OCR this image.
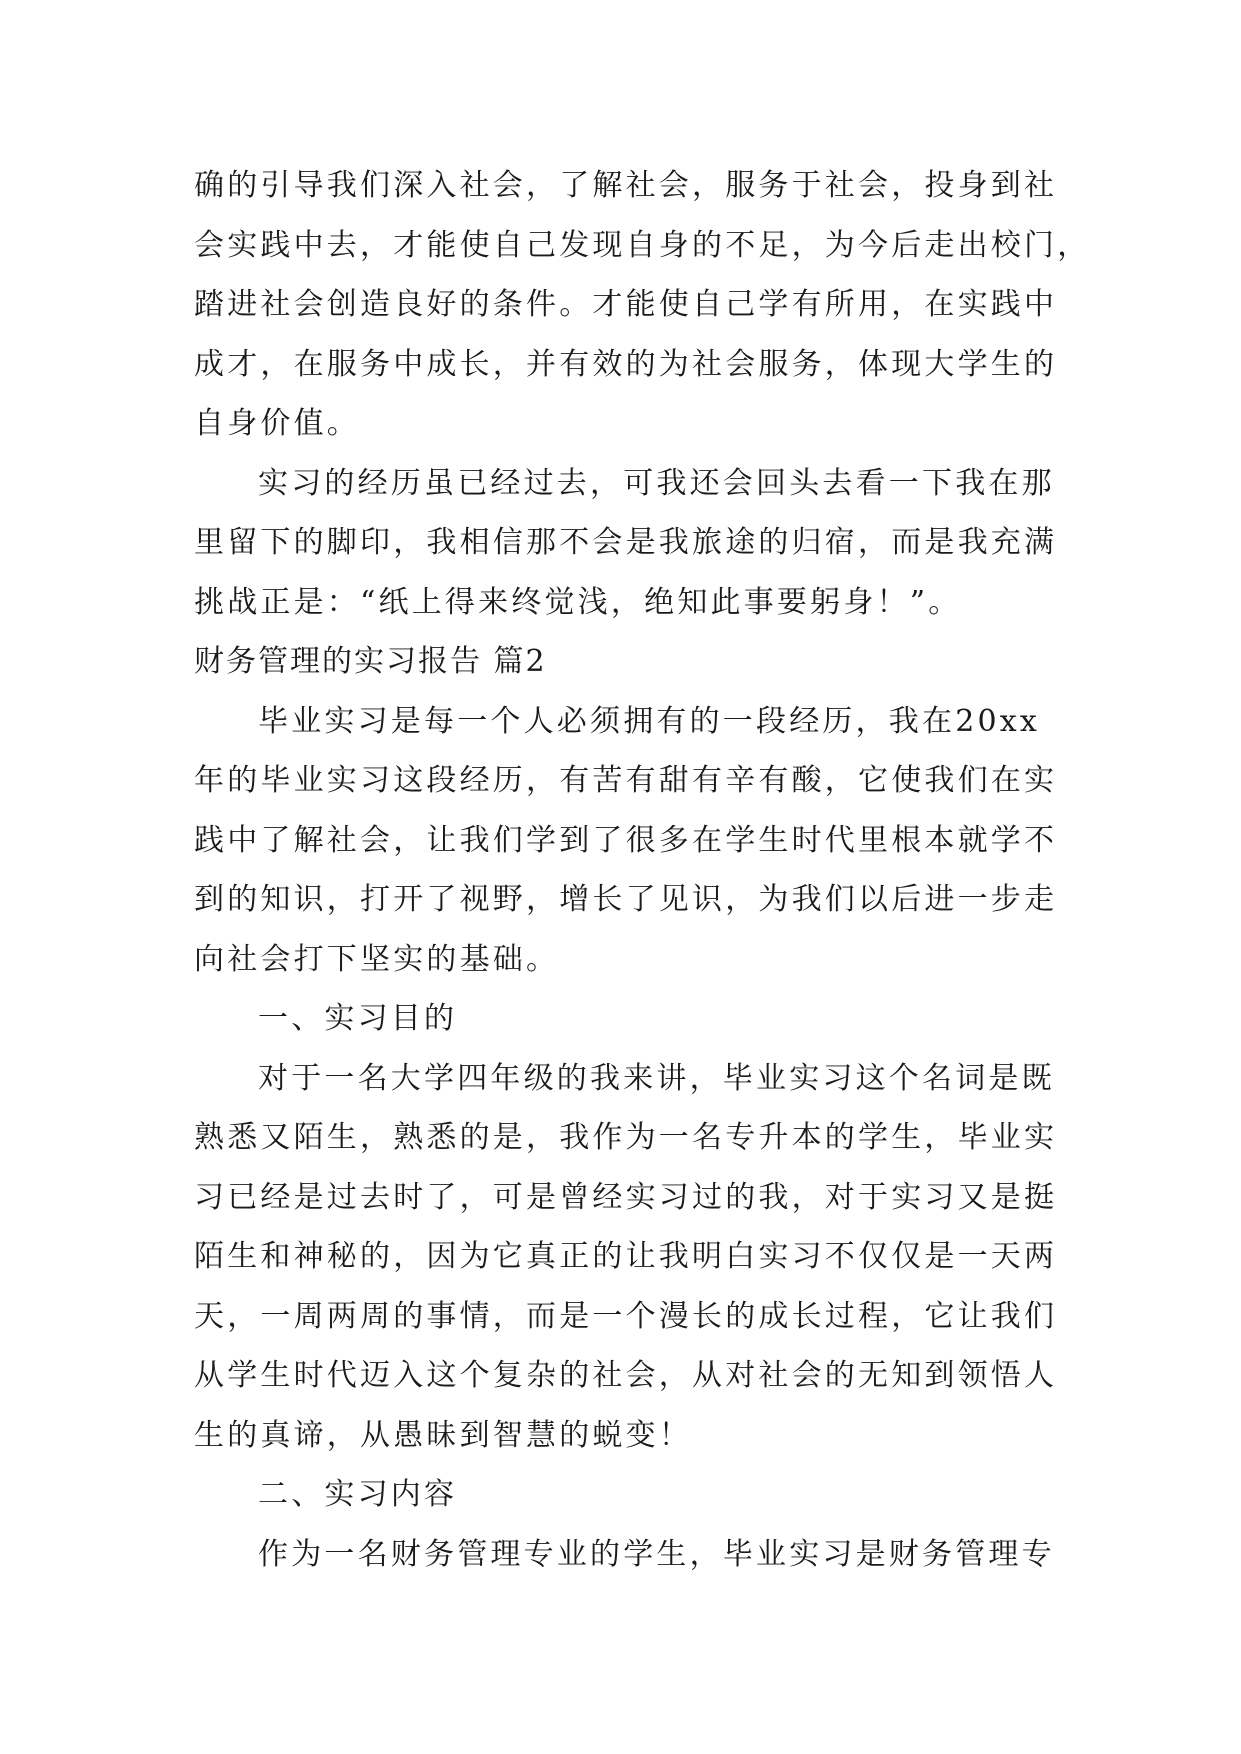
确的引导我们深入社会，了解社会，服务于社会，投身到社
会实践中去，才能使自己发现自身的不足，为今后走出校门，
踏进社会创造良好的条件。才能使自己学有所用，在实践中
成才，在服务中成长，并有效的为社会服务，体现大学生的
自身价值。
实习的经历虽已经过去，可我还会回头去看一下我在那
里留下的脚印，我相信那不会是我旅途的归宿，而是我充满
挑战正是：“纸上得来终觉浅，绝知此事要躬身！”。
财务管理的实习报告 篇2
毕业实习是每一个人必须拥有的一段经历，我在20xx
年的毕业实习这段经历，有苦有甜有辛有酸，它使我们在实
践中了解社会，让我们学到了很多在学生时代里根本就学不
到的知识，打开了视野，增长了见识，为我们以后进一步走
向社会打下坚实的基础。
一、实习目的
对于一名大学四年级的我来讲，毕业实习这个名词是既
熟悉又陌生，熟悉的是，我作为一名专升本的学生，毕业实
习已经是过去时了，可是曾经实习过的我，对于实习又是挺
陌生和神秘的，因为它真正的让我明白实习不仅仅是一天两
天，一周两周的事情，而是一个漫长的成长过程，它让我们
从学生时代迈入这个复杂的社会，从对社会的无知到领悟人
生的真谛，从愚昧到智慧的蜕变！
二、实习内容
作为一名财务管理专业的学生，毕业实习是财务管理专
